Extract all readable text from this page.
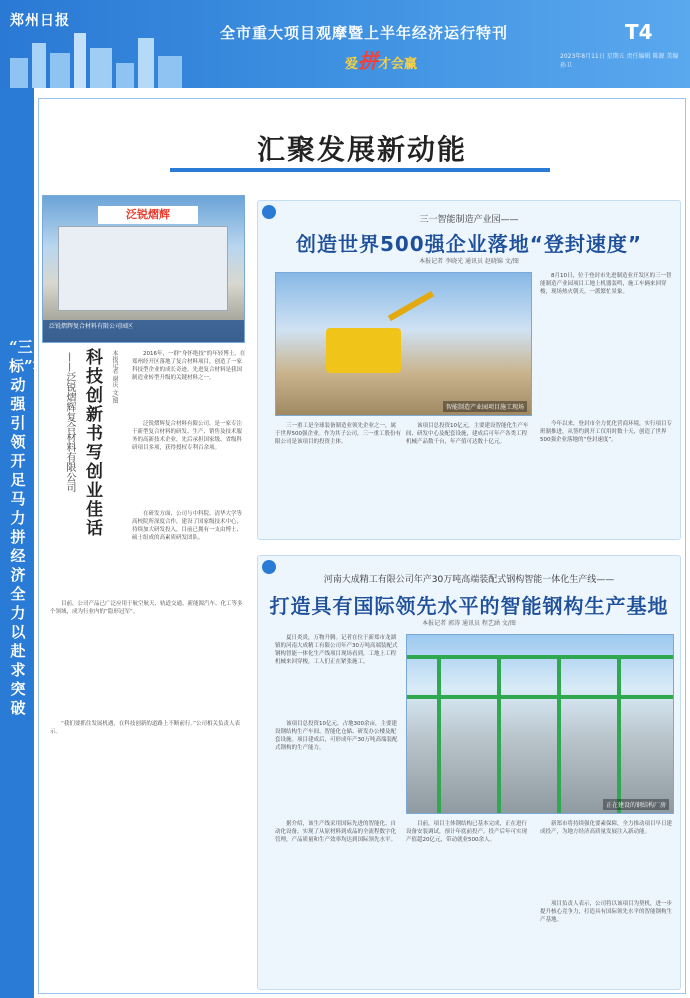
郑州日报
全市重大项目观摩暨上半年经济运行特刊
爱拼才会赢
T4
2023年8月11日 星期五 责任编辑 陈源 美编 孙卫
“三标”活动强引领 开足马力拼经济 全力以赴求突破
汇聚发展新动能
泛锐熠辉
泛锐熠辉复合材料有限公司园区
科技创新书写创业佳话
——泛锐熠辉复合材料有限公司	本报记者 谢庆 文/图	2016年，一群“身怀绝技”的年轻博士，在郑州经开区落地了复合材料项目，创造了一家科技型企业的成长奇迹。先进复合材料是我国制造业转型升级的关键材料之一。
泛锐熠辉复合材料有限公司，是一家专注于新型复合材料的研发、生产、销售及技术服务的高新技术企业，先后承担国家级、省级科研项目多项，获得授权专利百余项。
在研发方面，公司与中科院、清华大学等高校院所深度合作，建设了国家级技术中心，持续加大研发投入，目前已拥有一支由博士、硕士组成的高素质研发团队。
目前，公司产品已广泛应用于航空航天、轨道交通、新能源汽车、化工等多个领域，成为行业内的“隐形冠军”。
“我们要抓住发展机遇，在科技创新的道路上不断前行。”公司相关负责人表示。
三一智能制造产业园——
创造世界500强企业落地“登封速度”
本报记者 李晓光 通讯员 赵晓锦 文/图
智能制造产业园项目施工现场
8月10日，位于登封市先进制造业开发区的三一智能制造产业园项目工地上机器轰鸣，施工车辆来回穿梭，现场热火朝天，一派繁忙景象。
三一重工是全球装备制造业领先企业之一，属于世界500强企业。作为其子公司，三一重工股份有限公司是该项目的投资主体。
该项目总投资10亿元，主要建设智能化生产车间、研发中心及配套设施，建成后可年产各类工程机械产品数千台，年产值可达数十亿元。
今年以来，登封市全力优化营商环境，实行项目专班制推进，从签约到开工仅用时数十天，创造了世界500强企业落地的“登封速度”。
河南大成精工有限公司年产30万吨高端装配式钢构智能一体化生产线——
打造具有国际领先水平的智能钢构生产基地
本报记者 郭涛 通讯员 程艺涵 文/图
正在建设的钢结构厂房
夏日炎炎，万物升腾。记者在位于新郑市龙湖镇的河南大成精工有限公司年产30万吨高端装配式钢构智能一体化生产线项目现场看到，工地上工程机械来回穿梭，工人们正在紧张施工。
该项目总投资10亿元，占地300余亩，主要建设钢结构生产车间、智能化仓储、研发办公楼及配套设施。项目建成后，可形成年产30万吨高端装配式钢构的生产能力。
据介绍，该生产线采用国际先进的智能化、自动化设备，实现了从原材料到成品的全流程数字化管理，产品质量和生产效率均达到国际领先水平。
目前，项目主体钢结构已基本完成，正在进行设备安装调试，预计年底前投产。投产后年可实现产值超20亿元，带动就业500余人。
新郑市将持续强化要素保障，全力推动项目早日建成投产，为地方经济高质量发展注入新动能。
项目负责人表示，公司将以该项目为契机，进一步提升核心竞争力，打造具有国际领先水平的智能钢构生产基地。
